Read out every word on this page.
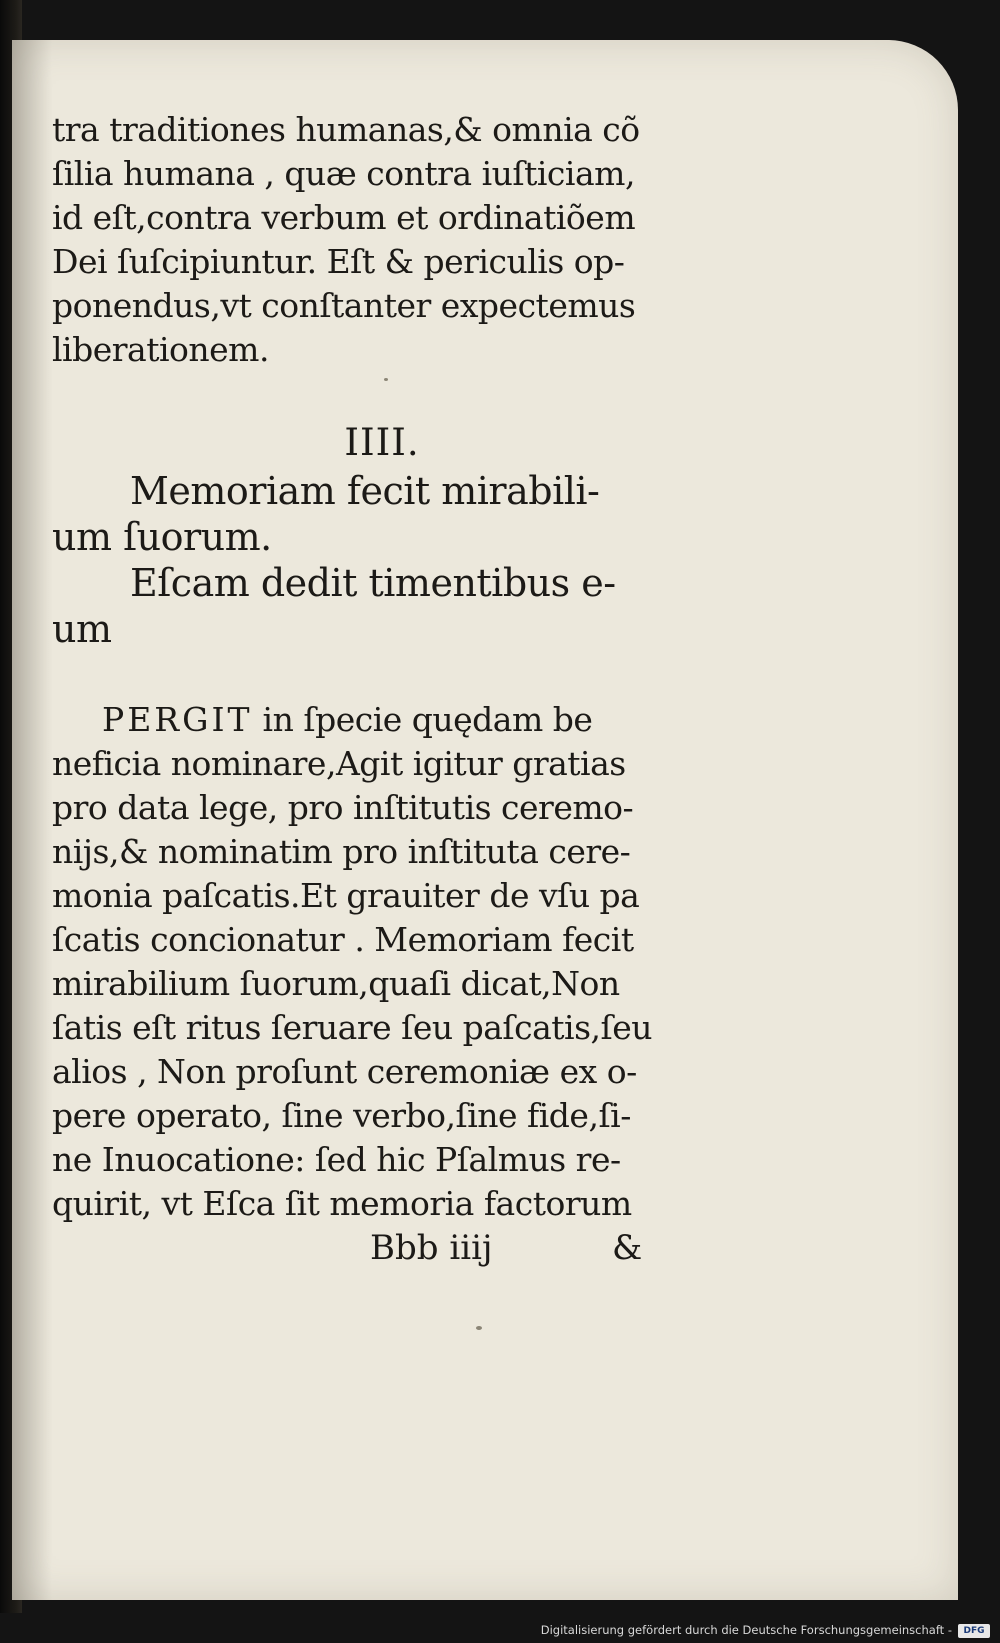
tra traditiones humanas,& omnia cõ
ſilia humana , quæ contra iuſticiam,
id eſt,contra verbum et ordinatiõem
Dei ſuſcipiuntur. Eſt & periculis op-
ponendus,vt conſtanter expectemus
liberationem.
IIII.
Memoriam fecit mirabili-
um ſuorum.
Eſcam dedit timentibus e-
um
PERGIT in ſpecie quędam be
neficia nominare,Agit igitur gratias
pro data lege, pro inſtitutis ceremo-
nijs,& nominatim pro inſtituta cere-
monia paſcatis.Et grauiter de vſu pa
ſcatis concionatur . Memoriam fecit
mirabilium ſuorum,quaſi dicat,Non
ſatis eſt ritus ſeruare ſeu paſcatis,ſeu
alios , Non proſunt ceremoniæ ex o-
pere operato, ſine verbo,ſine fide,ſi-
ne Inuocatione: ſed hic Pſalmus re-
quirit, vt Eſca ſit memoria factorum
Bbb iiij	&
Digitalisierung gefördert durch die Deutsche Forschungsgemeinschaft -	DFG
